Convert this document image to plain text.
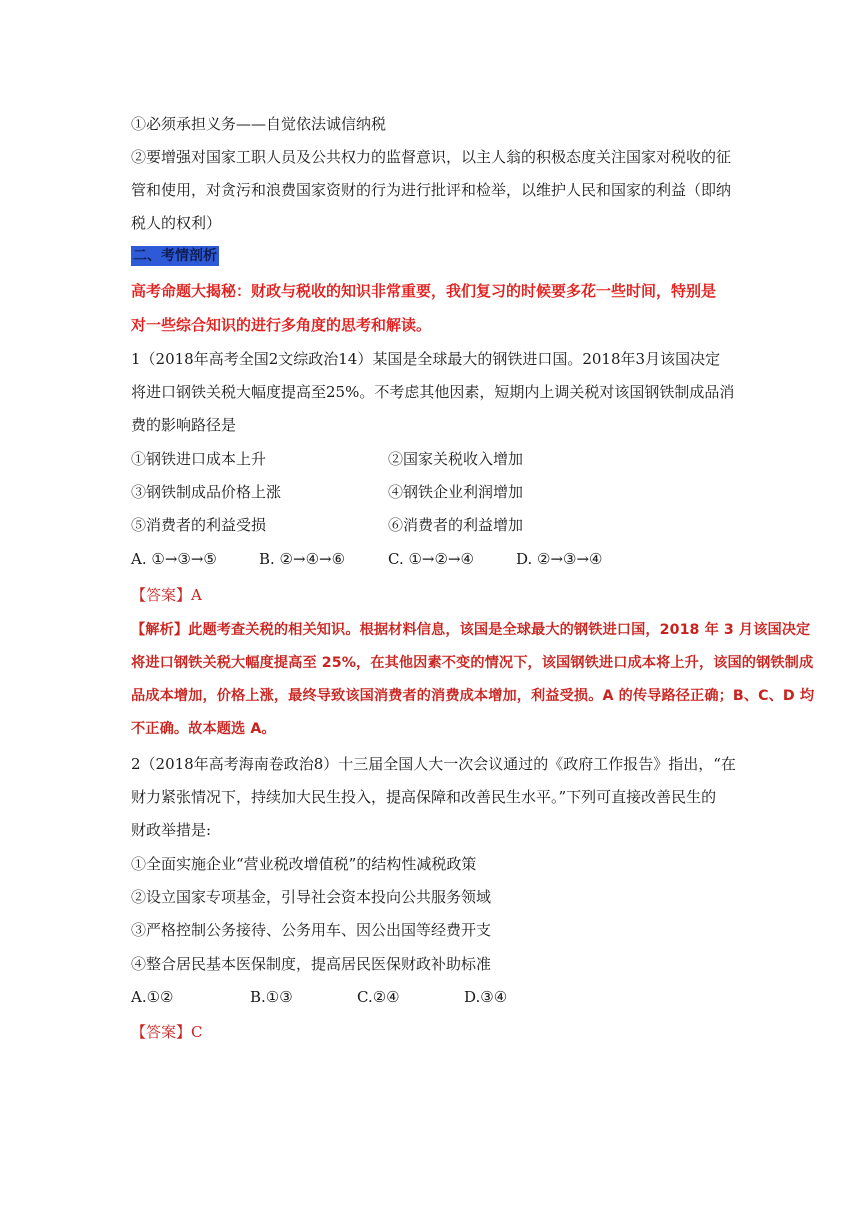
①必须承担义务——自觉依法诚信纳税
②要增强对国家工职人员及公共权力的监督意识，以主人翁的积极态度关注国家对税收的征
管和使用，对贪污和浪费国家资财的行为进行批评和检举，以维护人民和国家的利益（即纳
税人的权利）
二、考情剖析
高考命题大揭秘：财政与税收的知识非常重要，我们复习的时候要多花一些时间，特别是
对一些综合知识的进行多角度的思考和解读。
1（2018年高考全国2文综政治14）某国是全球最大的钢铁进口国。2018年3月该国决定
将进口钢铁关税大幅度提高至25%。不考虑其他因素，短期内上调关税对该国钢铁制成品消
费的影响路径是
①钢铁进口成本上升	②国家关税收入增加
③钢铁制成品价格上涨	④钢铁企业利润增加
⑤消费者的利益受损	⑥消费者的利益增加
A. ①→③→⑤	B. ②→④→⑥	C. ①→②→④	D. ②→③→④
【答案】A
【解析】此题考查关税的相关知识。根据材料信息，该国是全球最大的钢铁进口国，2018 年 3 月该国决定
将进口钢铁关税大幅度提高至 25%，在其他因素不变的情况下，该国钢铁进口成本将上升，该国的钢铁制成
品成本增加，价格上涨，最终导致该国消费者的消费成本增加，利益受损。A 的传导路径正确；B、C、D 均
不正确。故本题选 A。
2（2018年高考海南卷政治8）十三届全国人大一次会议通过的《政府工作报告》指出，“在
财力紧张情况下，持续加大民生投入，提高保障和改善民生水平。”下列可直接改善民生的
财政举措是:
①全面实施企业“营业税改增值税”的结构性减税政策
②设立国家专项基金，引导社会资本投向公共服务领域
③严格控制公务接待、公务用车、因公出国等经费开支
④整合居民基本医保制度，提高居民医保财政补助标准
A.①②	B.①③	C.②④	D.③④
【答案】C
